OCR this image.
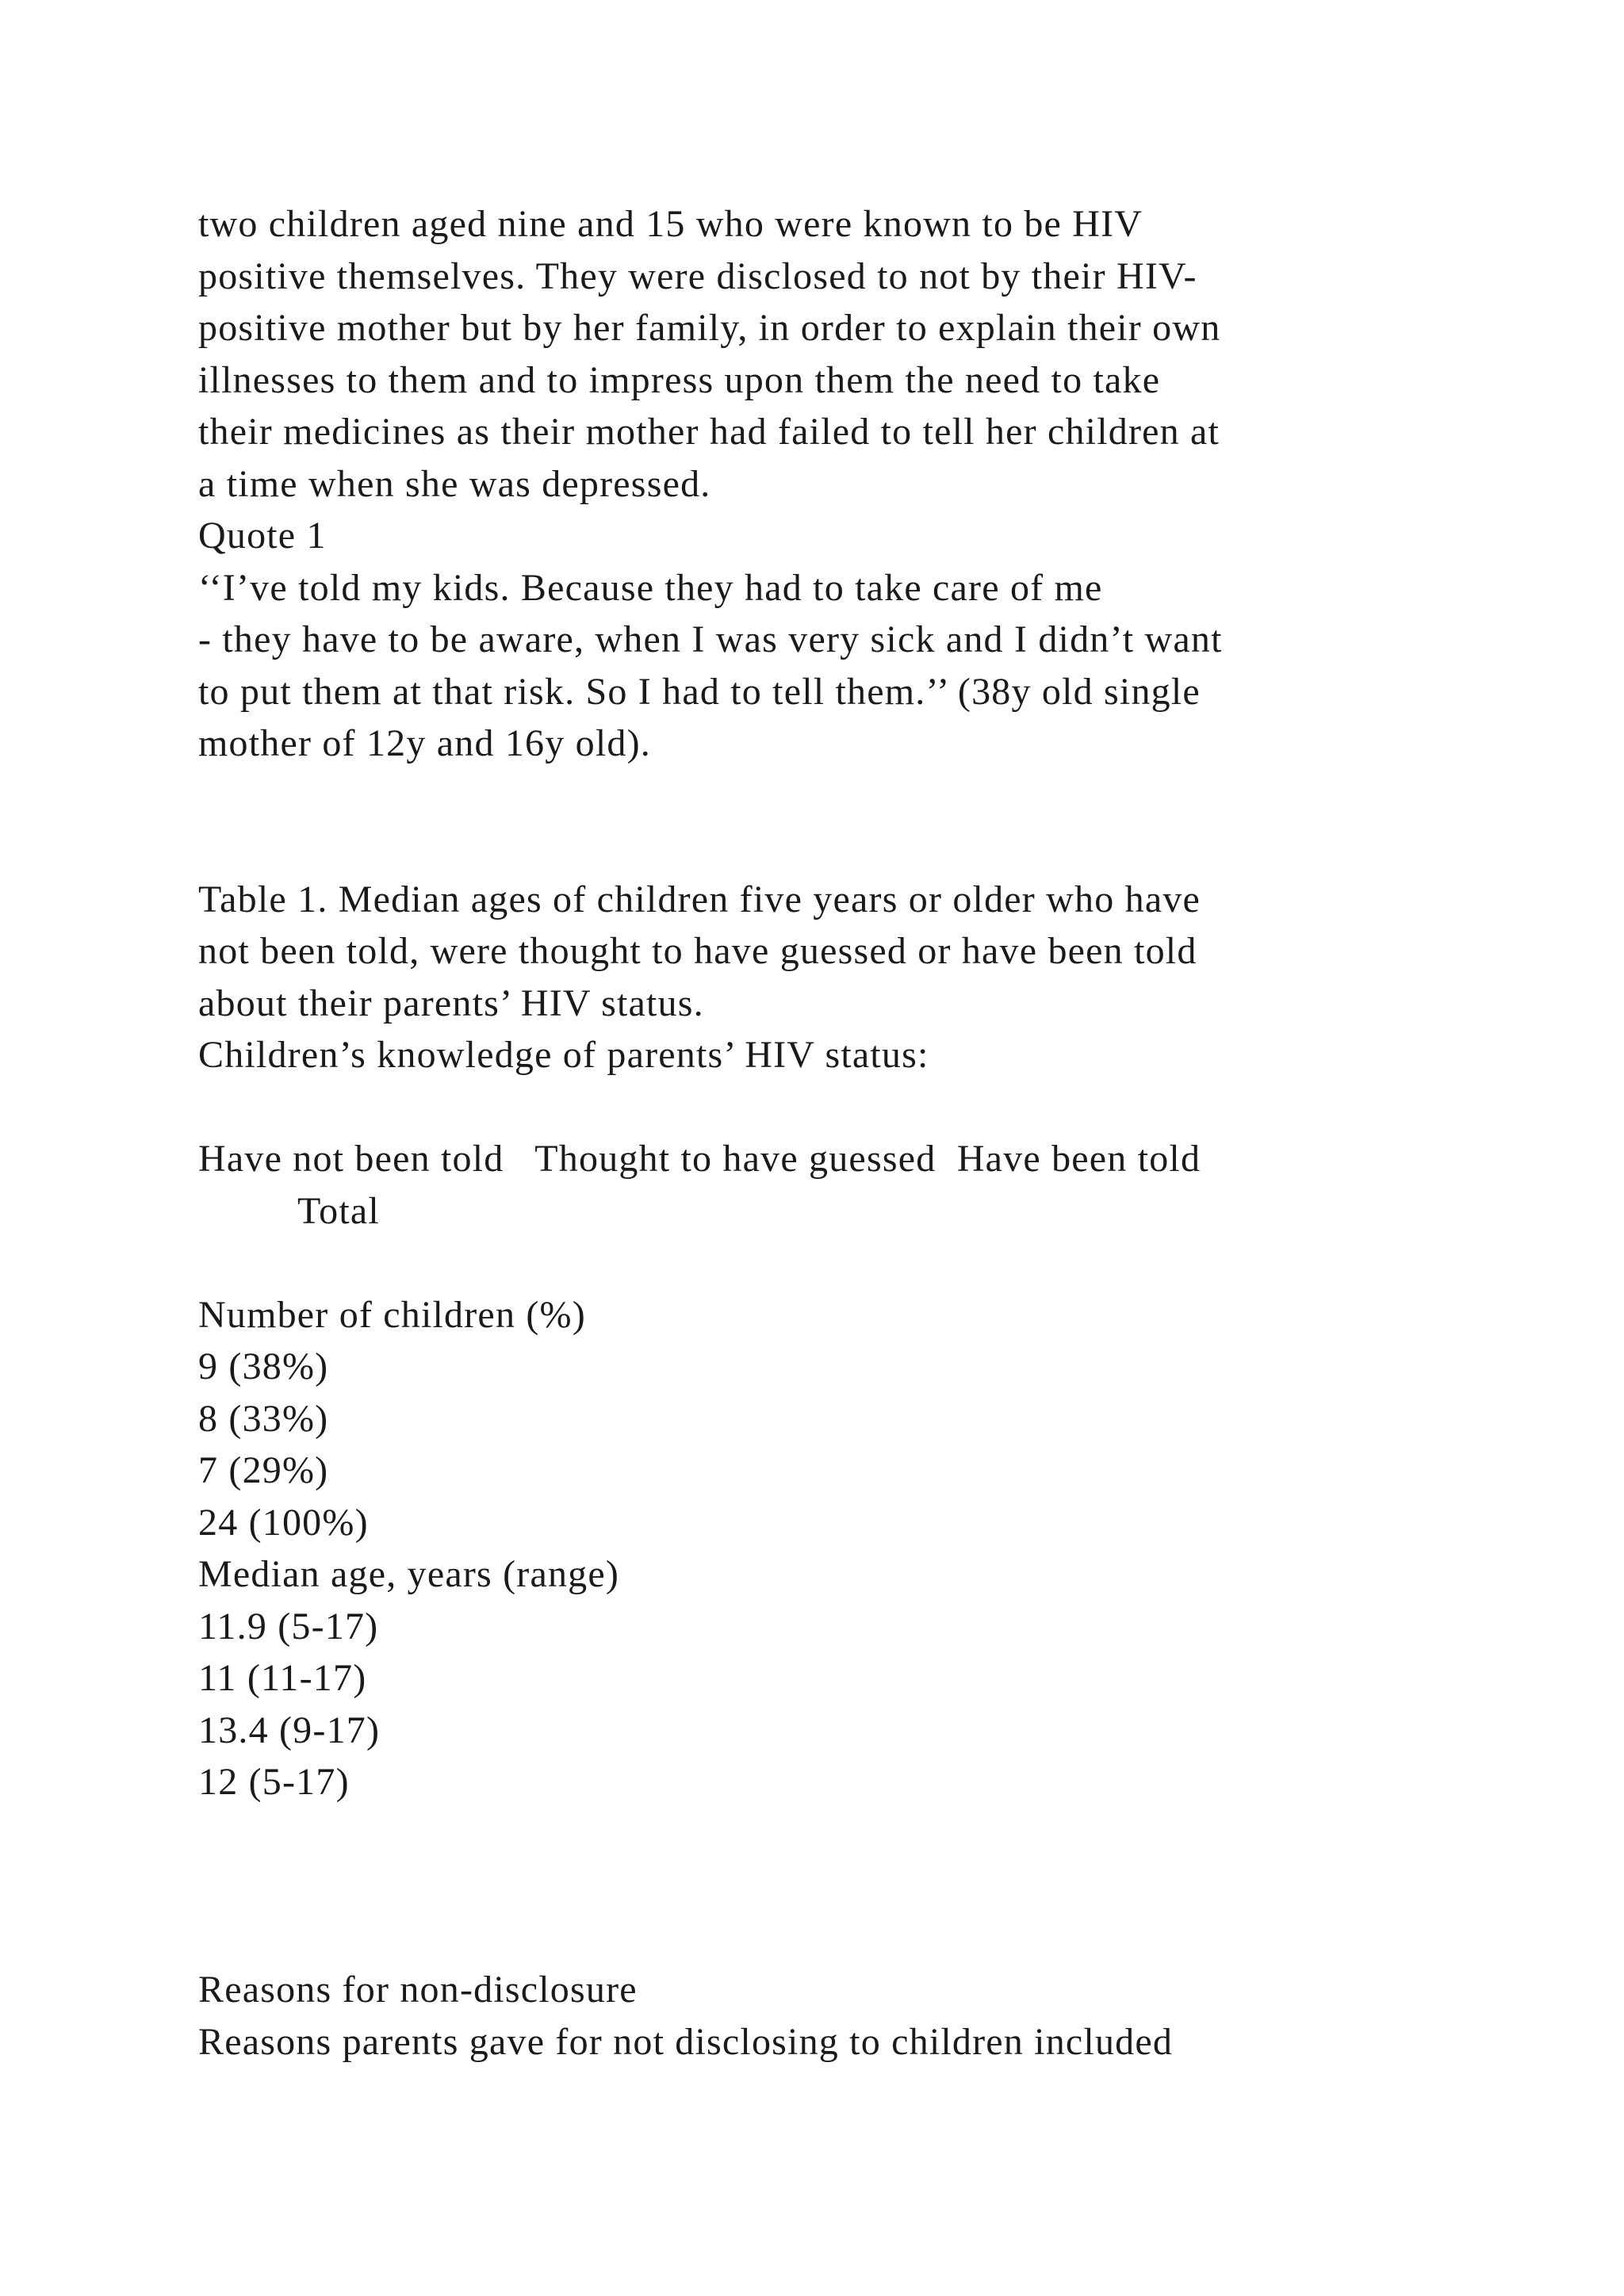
two children aged nine and 15 who were known to be HIV
positive themselves. They were disclosed to not by their HIV-
positive mother but by her family, in order to explain their own
illnesses to them and to impress upon them the need to take
their medicines as their mother had failed to tell her children at
a time when she was depressed.
Quote 1
‘‘I’ve told my kids. Because they had to take care of me
- they have to be aware, when I was very sick and I didn’t want
to put them at that risk. So I had to tell them.’’ (38y old single
mother of 12y and 16y old).
Table 1. Median ages of children five years or older who have
not been told, were thought to have guessed or have been told
about their parents’ HIV status.
Children’s knowledge of parents’ HIV status:
Have not been told Thought to have guessed Have been told
Total
Number of children (%)
9 (38%)
8 (33%)
7 (29%)
24 (100%)
Median age, years (range)
11.9 (5-17)
11 (11-17)
13.4 (9-17)
12 (5-17)
Reasons for non-disclosure
Reasons parents gave for not disclosing to children included
